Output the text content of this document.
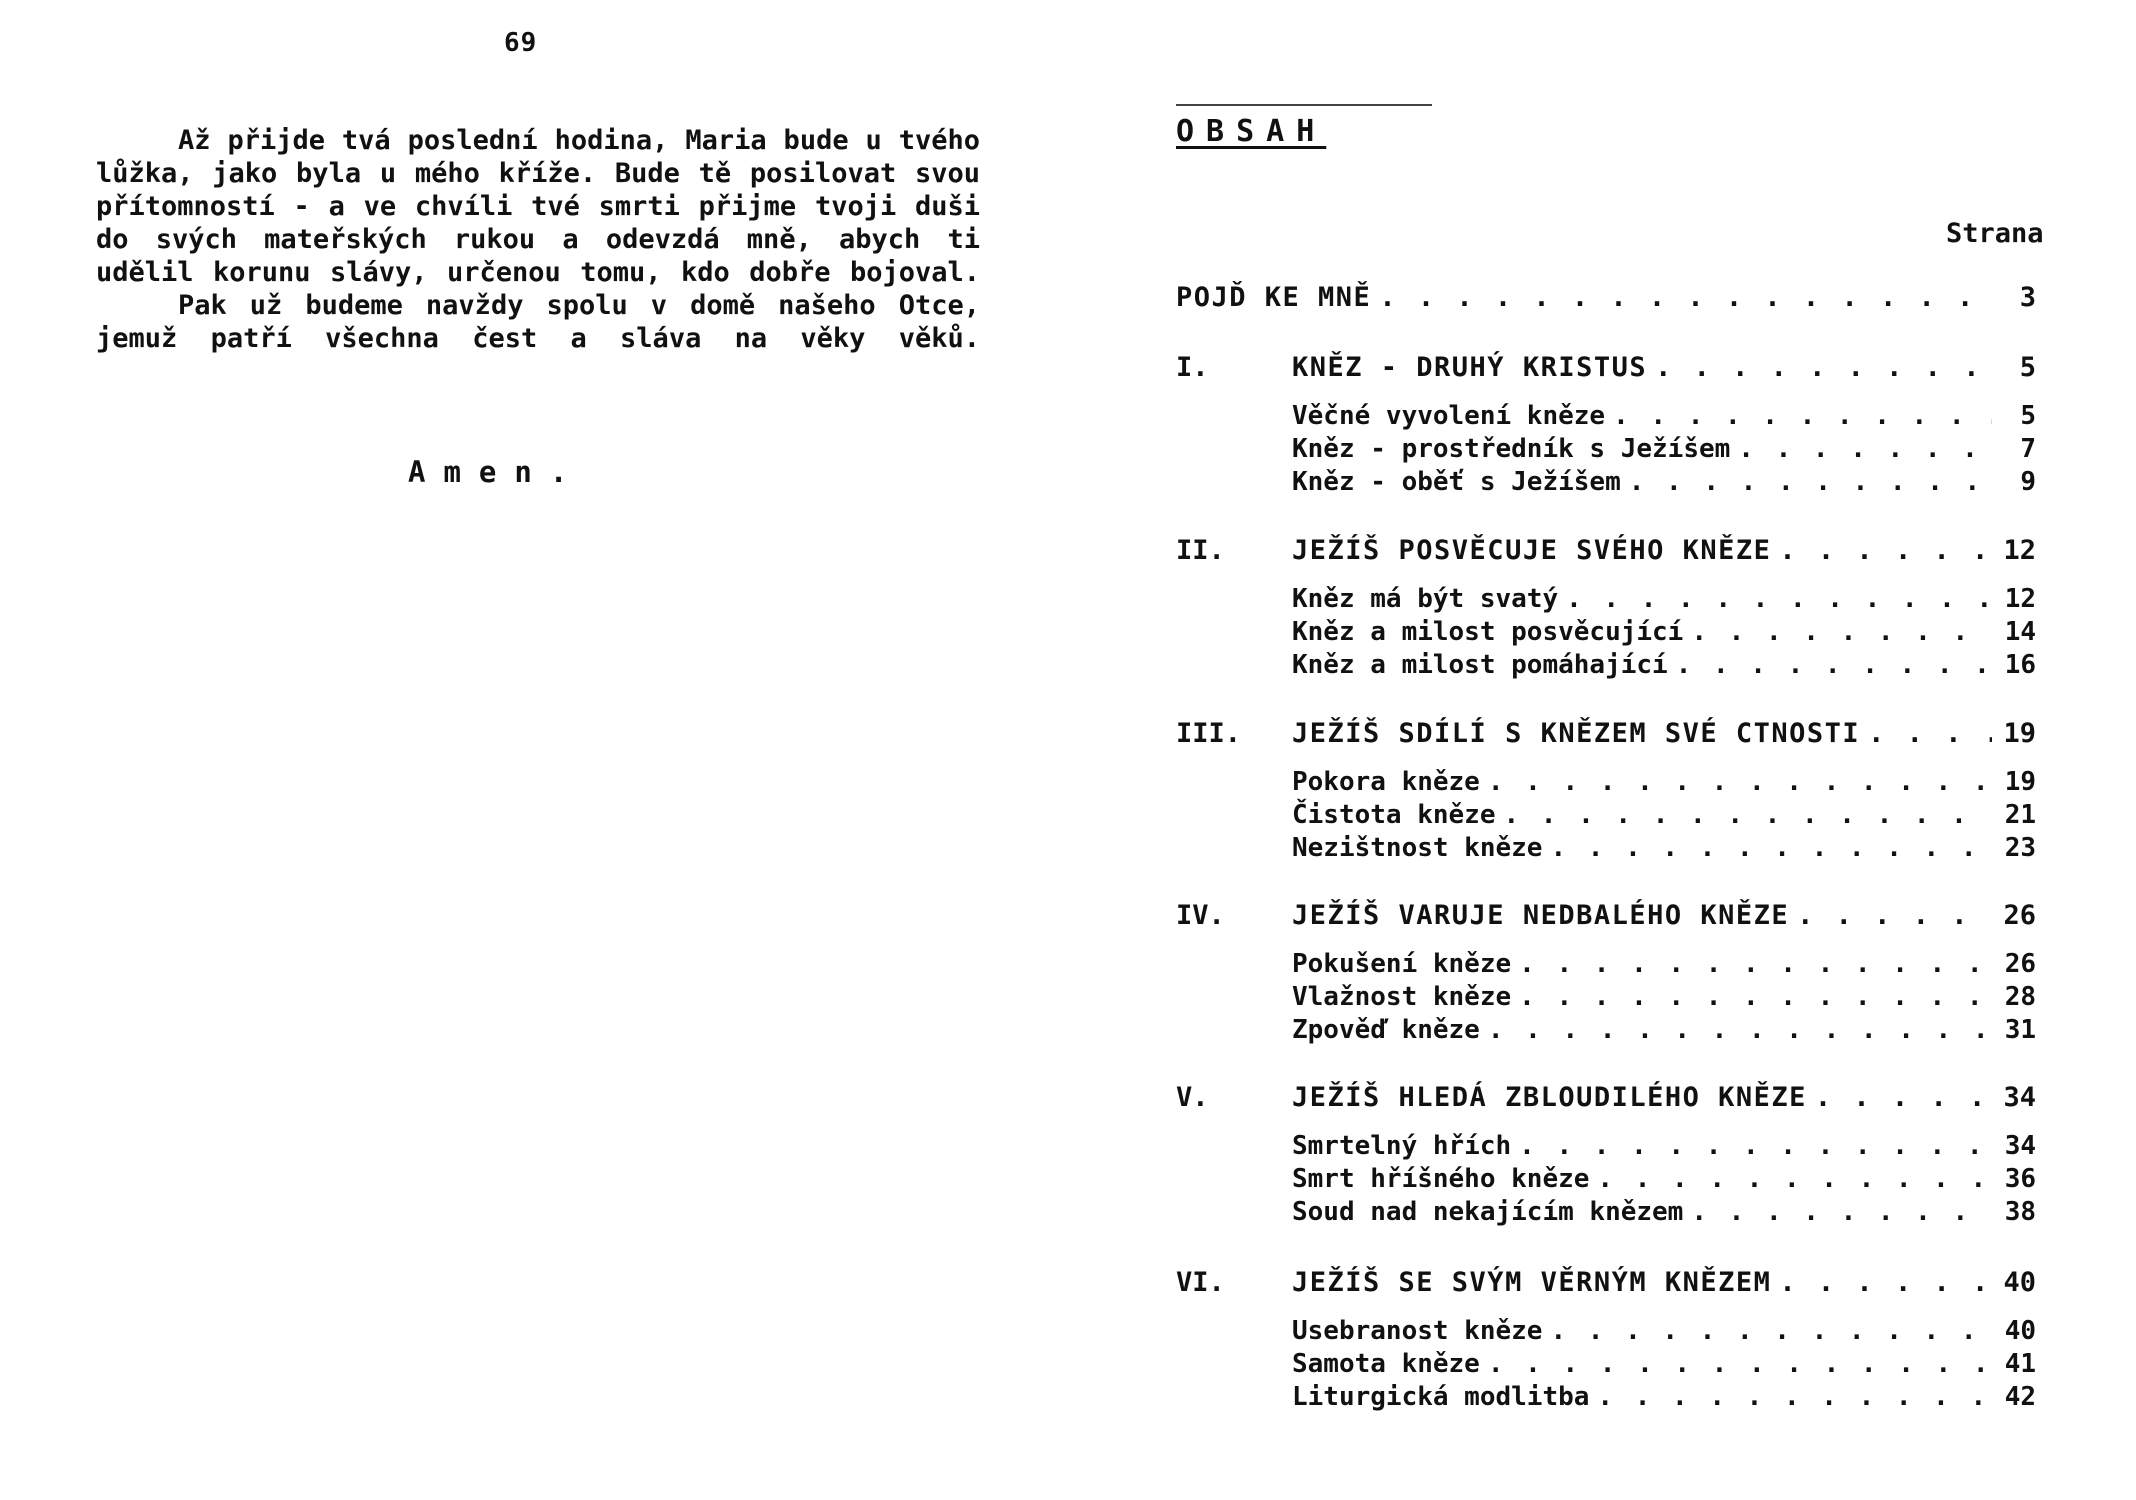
69

Až přijde tvá poslední hodina, Maria bude u tvého lůžka, jako byla u mého kříže. Bude tě posilovat svou přítomností - a ve chvíli tvé smrti přijme tvoji duši do svých mateřských rukou a odevzdá mně, abych ti udělil korunu slávy, určenou tomu, kdo dobře bojoval.

Pak už budeme navždy spolu v domě našeho Otce, jemuž patří všechna čest a sláva na věky věků.

Amen.
OBSAH
Strana
POJĎ KE MNĚ . . .	3
I.	KNĚZ - DRUHÝ KRISTUS . . .	5
Věčné vyvolení kněze . . .	5
Kněz - prostředník s Ježíšem . . .	7
Kněz - oběť s Ježíšem . . .	9
II.	JEŽÍŠ POSVĚCUJE SVÉHO KNĚZE . . .	12
Kněz má být svatý . . .	12
Kněz a milost posvěcující . . .	14
Kněz a milost pomáhající . . .	16
III.	JEŽÍŠ SDÍLÍ S KNĚZEM SVÉ CTNOSTI . . .	19
Pokora kněze . . .	19
Čistota kněze . . .	21
Nezištnost kněze . . .	23
IV.	JEŽÍŠ VARUJE NEDBALÉHO KNĚZE . . .	26
Pokušení kněze . . .	26
Vlažnost kněze . . .	28
Zpověď kněze . . .	31
V.	JEŽÍŠ HLEDÁ ZBLOUDILÉHO KNĚZE . . .	34
Smrtelný hřích . . .	34
Smrt hříšného kněze . . .	36
Soud nad nekajícím knězem . . .	38
VI.	JEŽÍŠ SE SVÝM VĚRNÝM KNĚZEM . . .	40
Usebranost kněze . . .	40
Samota kněze . . .	41
Liturgická modlitba . . .	42
